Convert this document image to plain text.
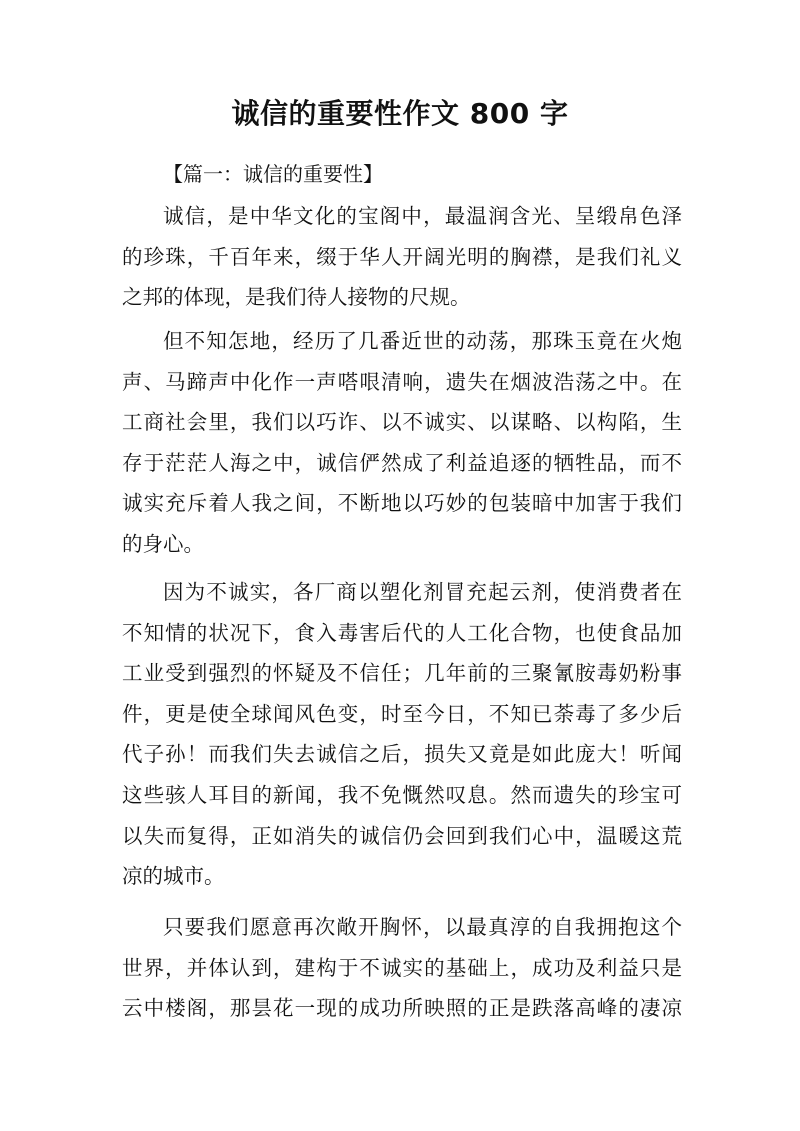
诚信的重要性作文 800 字
【篇一：诚信的重要性】
诚信，是中华文化的宝阁中，最温润含光、呈缎帛色泽
的珍珠，千百年来，缀于华人开阔光明的胸襟，是我们礼义
之邦的体现，是我们待人接物的尺规。
但不知怎地，经历了几番近世的动荡，那珠玉竟在火炮
声、马蹄声中化作一声嗒哏清响，遗失在烟波浩荡之中。在
工商社会里，我们以巧诈、以不诚实、以谋略、以构陷，生
存于茫茫人海之中，诚信俨然成了利益追逐的牺牲品，而不
诚实充斥着人我之间，不断地以巧妙的包装暗中加害于我们
的身心。
因为不诚实，各厂商以塑化剂冒充起云剂，使消费者在
不知情的状况下，食入毒害后代的人工化合物，也使食品加
工业受到强烈的怀疑及不信任；几年前的三聚氰胺毒奶粉事
件，更是使全球闻风色变，时至今日，不知已荼毒了多少后
代子孙！而我们失去诚信之后，损失又竟是如此庞大！听闻
这些骇人耳目的新闻，我不免慨然叹息。然而遗失的珍宝可
以失而复得，正如消失的诚信仍会回到我们心中，温暖这荒
凉的城市。
只要我们愿意再次敞开胸怀，以最真淳的自我拥抱这个
世界，并体认到，建构于不诚实的基础上，成功及利益只是
云中楼阁，那昙花一现的成功所映照的正是跌落高峰的凄凉
